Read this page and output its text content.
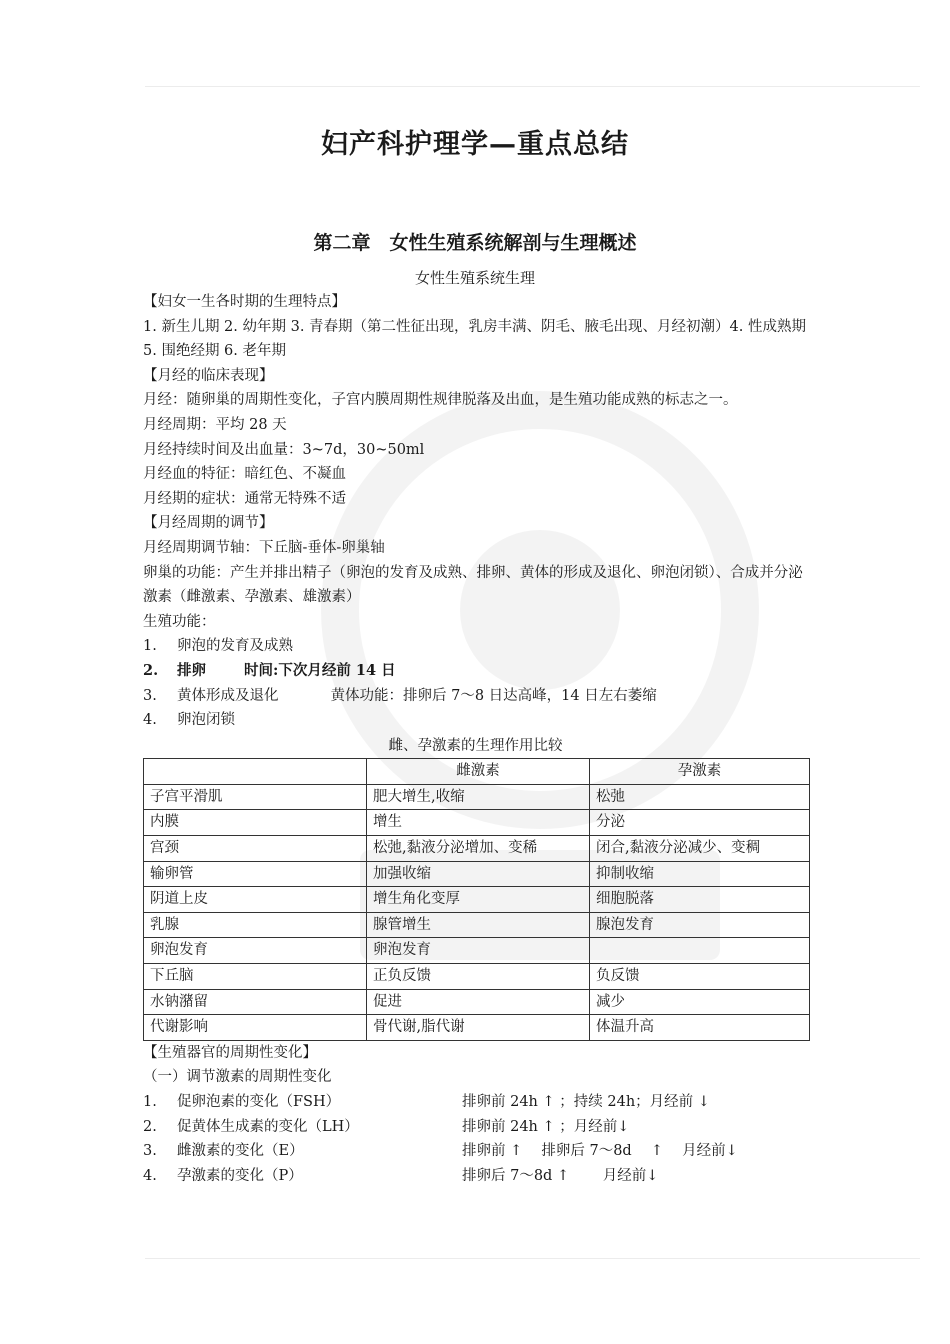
妇产科护理学—重点总结
第二章　女性生殖系统解剖与生理概述
女性生殖系统生理
【妇女一生各时期的生理特点】
1. 新生儿期 2. 幼年期 3. 青春期（第二性征出现，乳房丰满、阴毛、腋毛出现、月经初潮）4. 性成熟期 5. 围绝经期 6. 老年期
【月经的临床表现】
月经：随卵巢的周期性变化，子宫内膜周期性规律脱落及出血，是生殖功能成熟的标志之一。
月经周期：平均 28 天
月经持续时间及出血量：3~7d，30~50ml
月经血的特征：暗红色、不凝血
月经期的症状：通常无特殊不适
【月经周期的调节】
月经周期调节轴：下丘脑-垂体-卵巢轴
卵巢的功能：产生并排出精子（卵泡的发育及成熟、排卵、黄体的形成及退化、卵泡闭锁）、合成并分泌激素（雌激素、孕激素、雄激素）
生殖功能：
1. 卵泡的发育及成熟
2. 排卵	时间:下次月经前 14 日
3. 黄体形成及退化	黄体功能：排卵后 7～8 日达高峰，14 日左右萎缩
4. 卵泡闭锁
雌、孕激素的生理作用比较
	雌激素	孕激素
子宫平滑肌	肥大增生,收缩	松弛
内膜	增生	分泌
宫颈	松弛,黏液分泌增加、变稀	闭合,黏液分泌减少、变稠
输卵管	加强收缩	抑制收缩
阴道上皮	增生角化变厚	细胞脱落
乳腺	腺管增生	腺泡发育
卵泡发育	卵泡发育	
下丘脑	正负反馈	负反馈
水钠潴留	促进	减少
代谢影响	骨代谢,脂代谢	体温升高
【生殖器官的周期性变化】
（一）调节激素的周期性变化
1. 促卵泡素的变化（FSH）	排卵前 24h ↑ ；持续 24h；月经前 ↓
2. 促黄体生成素的变化（LH）	排卵前 24h ↑ ；月经前↓
3. 雌激素的变化（E）	排卵前 ↑　 排卵后 7～8d　 ↑　 月经前↓
4. 孕激素的变化（P）	排卵后 7～8d ↑　　 月经前↓
